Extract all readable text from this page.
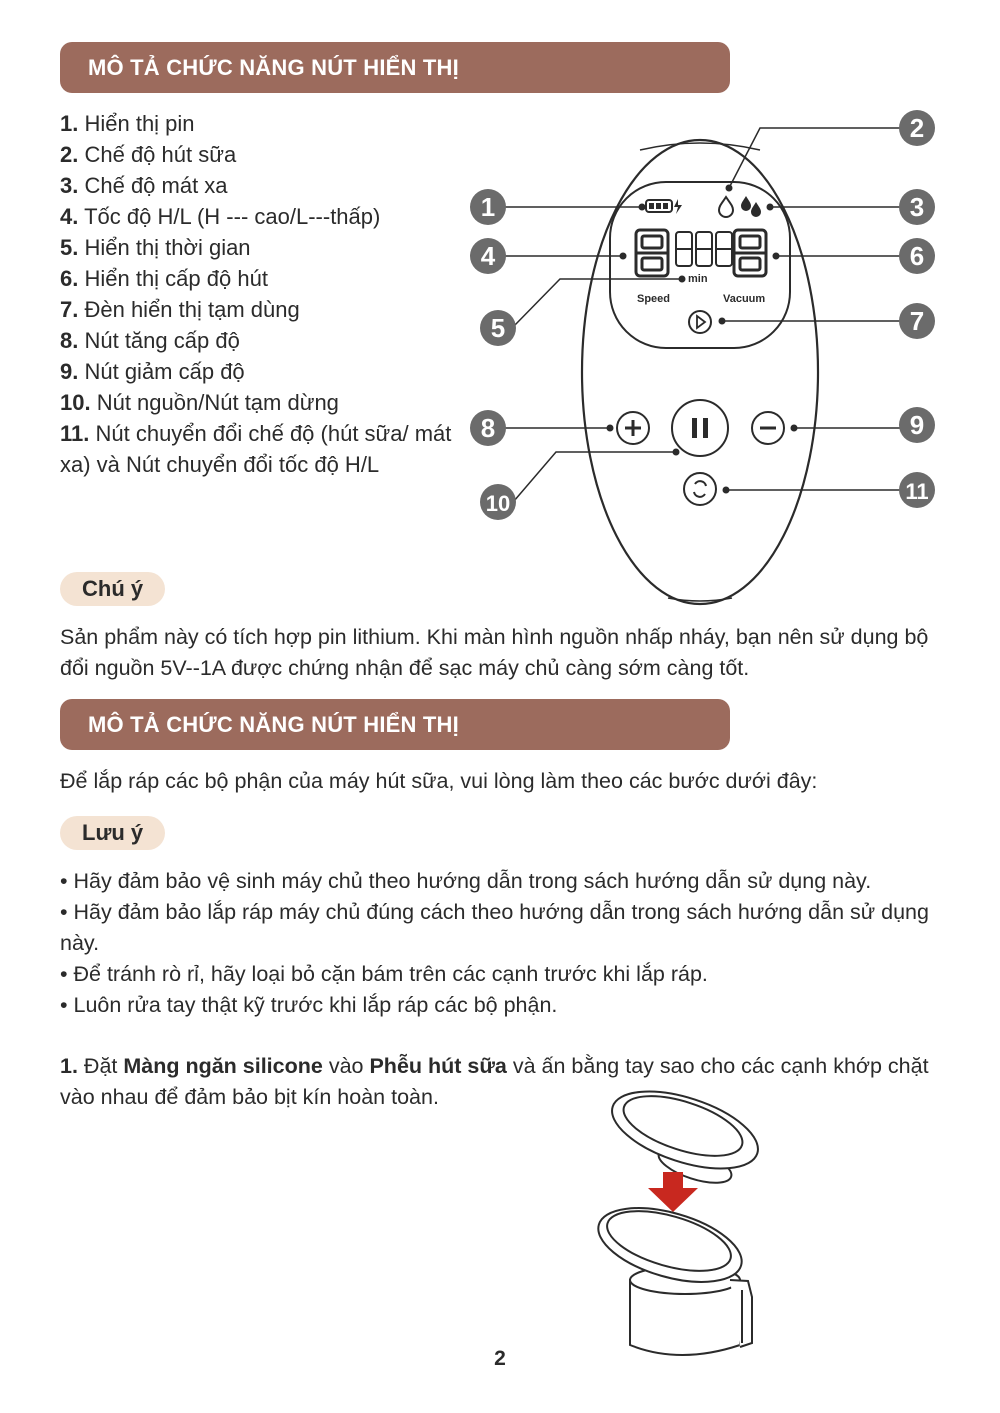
MÔ TẢ CHỨC NĂNG NÚT HIỂN THỊ
1. Hiển thị pin
2. Chế độ hút sữa
3. Chế độ mát xa
4. Tốc độ H/L (H --- cao/L---thấp)
5. Hiển thị thời gian
6. Hiển thị cấp độ hút
7. Đèn hiển thị tạm dùng
8. Nút tăng cấp độ
9. Nút giảm cấp độ
10. Nút nguồn/Nút tạm dừng
11. Nút chuyển đổi chế độ (hút sữa/ mát xa) và Nút chuyển đổi tốc độ H/L
min
Speed	Vacuum
1
2
3
4
5
6
7
8	9
10	11
Chú ý

Sản phẩm này có tích hợp pin lithium. Khi màn hình nguồn nhấp nháy, bạn nên sử dụng bộ đổi nguồn 5V--1A được chứng nhận để sạc máy chủ càng sớm càng tốt.

MÔ TẢ CHỨC NĂNG NÚT HIỂN THỊ

Để lắp ráp các bộ phận của máy hút sữa, vui lòng làm theo các bước dưới đây:

Lưu ý
• Hãy đảm bảo vệ sinh máy chủ theo hướng dẫn trong sách hướng dẫn sử dụng này.
• Hãy đảm bảo lắp ráp máy chủ đúng cách theo hướng dẫn trong sách hướng dẫn sử dụng này.
• Để tránh rò rỉ, hãy loại bỏ cặn bám trên các cạnh trước khi lắp ráp.
• Luôn rửa tay thật kỹ trước khi lắp ráp các bộ phận.

1. Đặt Màng ngăn silicone vào Phễu hút sữa và ấn bằng tay sao cho các cạnh khớp chặt vào nhau để đảm bảo bịt kín hoàn toàn.

2
